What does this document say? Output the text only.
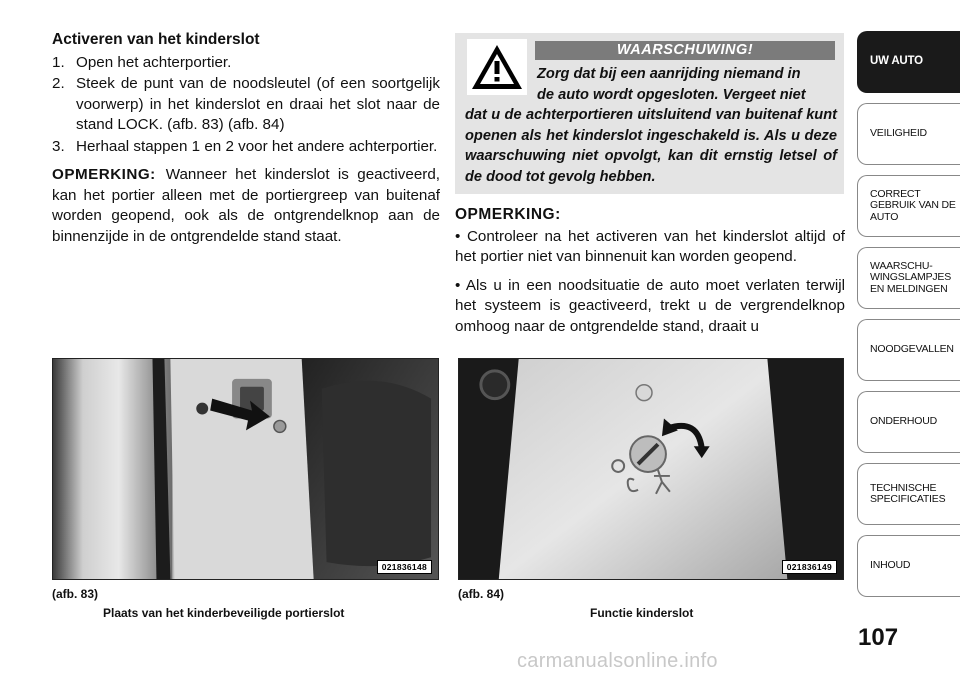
Activeren van het kinderslot
1. Open het achterportier.
2. Steek de punt van de noodsleutel (of een soortgelijk voorwerp) in het kinderslot en draai het slot naar de stand LOCK. (afb. 83) (afb. 84)
3. Herhaal stappen 1 en 2 voor het andere achterportier.

OPMERKING: Wanneer het kinderslot is geactiveerd, kan het portier alleen met de portiergreep van buitenaf worden geopend, ook als de ontgrendelknop aan de binnenzijde in de ontgrendelde stand staat.

WAARSCHUWING!
Zorg dat bij een aanrijding niemand in
de auto wordt opgesloten. Vergeet niet
dat u de achterportieren uitsluitend van buitenaf kunt openen als het kinderslot ingeschakeld is. Als u deze waarschuwing niet opvolgt, kan dit ernstig letsel of de dood tot gevolg hebben.
OPMERKING:

• Controleer na het activeren van het kinderslot altijd of het portier niet van binnenuit kan worden geopend.

• Als u in een noodsituatie de auto moet verlaten terwijl het systeem is geactiveerd, trekt u de vergrendelknop omhoog naar de ontgrendelde stand, draait u

021836148	021836149
(afb. 83)
Plaats van het kinderbeveiligde portierslot
(afb. 84)
Functie kinderslot
UW AUTO
VEILIGHEID
CORRECT GEBRUIK VAN DE AUTO
WAARSCHUWINGSLAMPJES EN MELDINGEN
NOODGEVALLEN
ONDERHOUD
TECHNISCHE SPECIFICATIES
INHOUD
107
carmanualsonline.info
